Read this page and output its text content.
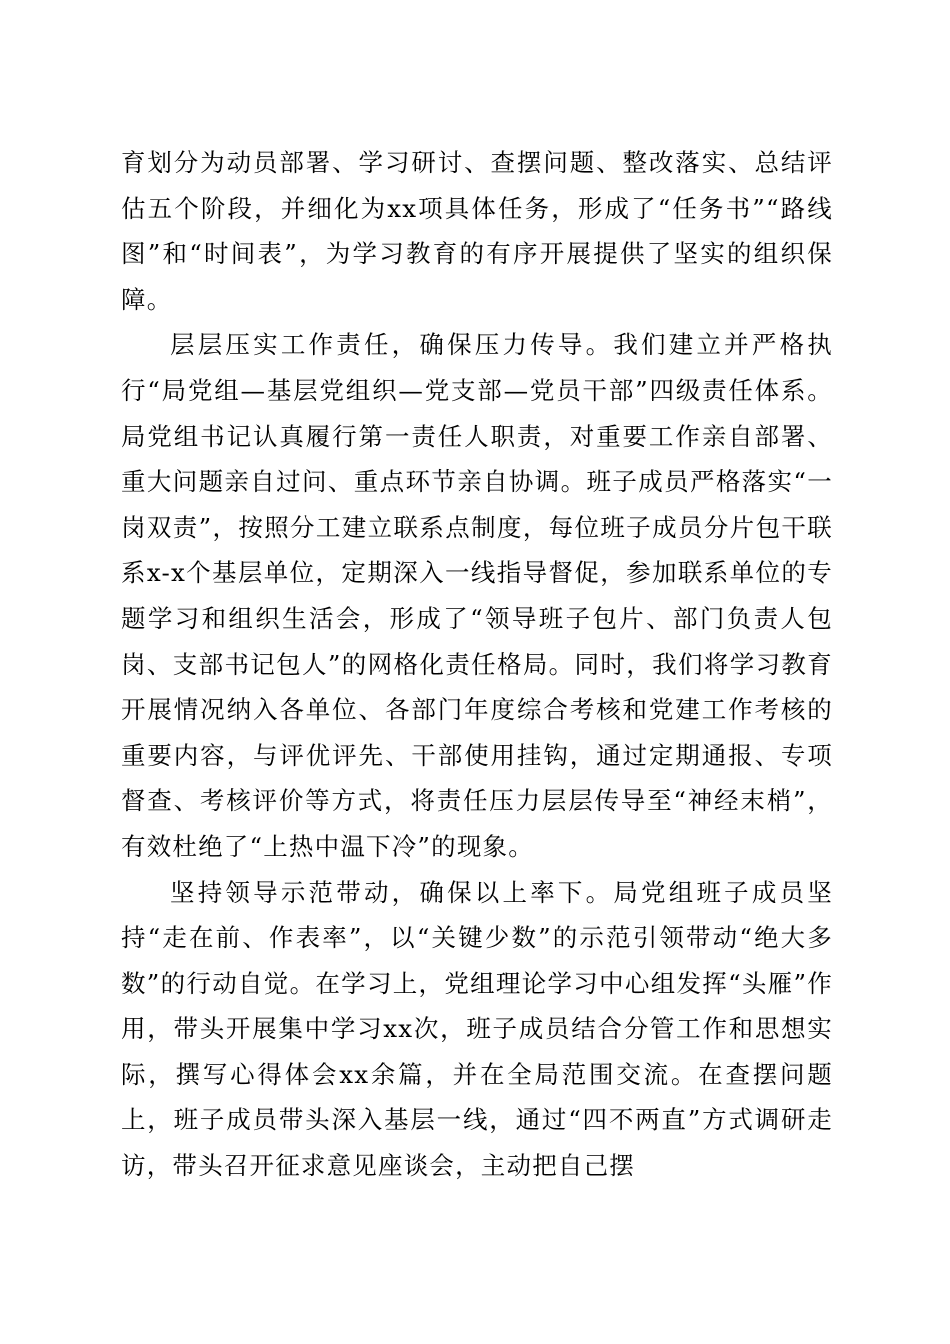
育划分为动员部署、学习研讨、查摆问题、整改落实、总结评估五个阶段，并细化为xx项具体任务，形成了“任务书”“路线图”和“时间表”，为学习教育的有序开展提供了坚实的组织保障。

层层压实工作责任，确保压力传导。我们建立并严格执行“局党组—基层党组织—党支部—党员干部”四级责任体系。局党组书记认真履行第一责任人职责，对重要工作亲自部署、重大问题亲自过问、重点环节亲自协调。班子成员严格落实“一岗双责”，按照分工建立联系点制度，每位班子成员分片包干联系x-x个基层单位，定期深入一线指导督促，参加联系单位的专题学习和组织生活会，形成了“领导班子包片、部门负责人包岗、支部书记包人”的网格化责任格局。同时，我们将学习教育开展情况纳入各单位、各部门年度综合考核和党建工作考核的重要内容，与评优评先、干部使用挂钩，通过定期通报、专项督查、考核评价等方式，将责任压力层层传导至“神经末梢”，有效杜绝了“上热中温下冷”的现象。

坚持领导示范带动，确保以上率下。局党组班子成员坚持“走在前、作表率”，以“关键少数”的示范引领带动“绝大多数”的行动自觉。在学习上，党组理论学习中心组发挥“头雁”作用，带头开展集中学习xx次，班子成员结合分管工作和思想实际，撰写心得体会xx余篇，并在全局范围交流。在查摆问题上，班子成员带头深入基层一线，通过“四不两直”方式调研走访，带头召开征求意见座谈会，主动把自己摆
